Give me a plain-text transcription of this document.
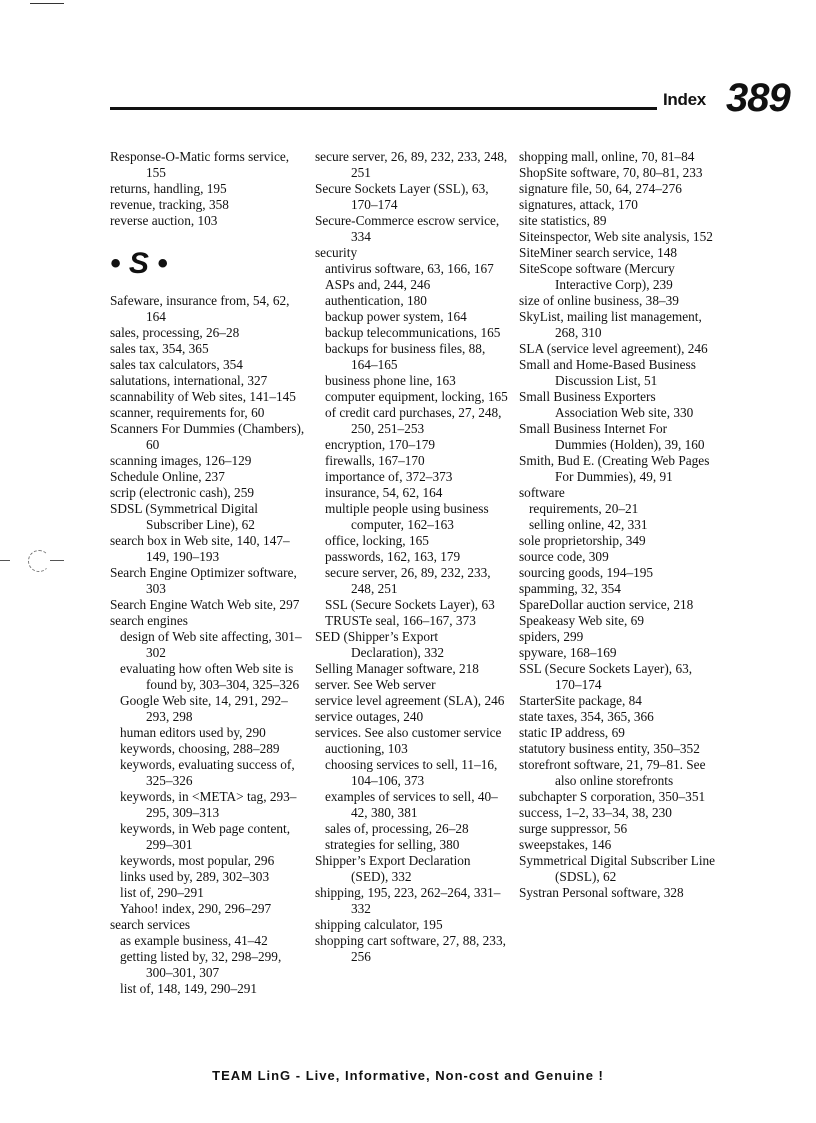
Index 389

Response-O-Matic forms service, 155

returns, handling, 195

revenue, tracking, 358

reverse auction, 103

• S •

Safeware, insurance from, 54, 62, 164

sales, processing, 26–28

sales tax, 354, 365

sales tax calculators, 354

salutations, international, 327

scannability of Web sites, 141–145

scanner, requirements for, 60

Scanners For Dummies (Chambers), 60

scanning images, 126–129

Schedule Online, 237

scrip (electronic cash), 259

SDSL (Symmetrical Digital Subscriber Line), 62

search box in Web site, 140, 147–149, 190–193

Search Engine Optimizer software, 303

Search Engine Watch Web site, 297

search engines

design of Web site affecting, 301–302

evaluating how often Web site is found by, 303–304, 325–326

Google Web site, 14, 291, 292–293, 298

human editors used by, 290

keywords, choosing, 288–289

keywords, evaluating success of, 325–326

keywords, in <META> tag, 293–295, 309–313

keywords, in Web page content, 299–301

keywords, most popular, 296

links used by, 289, 302–303

list of, 290–291

Yahoo! index, 290, 296–297

search services

as example business, 41–42

getting listed by, 32, 298–299, 300–301, 307

list of, 148, 149, 290–291

secure server, 26, 89, 232, 233, 248, 251

Secure Sockets Layer (SSL), 63, 170–174

Secure-Commerce escrow service, 334

security

antivirus software, 63, 166, 167

ASPs and, 244, 246

authentication, 180

backup power system, 164

backup telecommunications, 165

backups for business files, 88, 164–165

business phone line, 163

computer equipment, locking, 165

of credit card purchases, 27, 248, 250, 251–253

encryption, 170–179

firewalls, 167–170

importance of, 372–373

insurance, 54, 62, 164

multiple people using business computer, 162–163

office, locking, 165

passwords, 162, 163, 179

secure server, 26, 89, 232, 233, 248, 251

SSL (Secure Sockets Layer), 63

TRUSTe seal, 166–167, 373

SED (Shipper’s Export Declaration), 332

Selling Manager software, 218

server. See Web server

service level agreement (SLA), 246

service outages, 240

services. See also customer service

auctioning, 103

choosing services to sell, 11–16, 104–106, 373

examples of services to sell, 40–42, 380, 381

sales of, processing, 26–28

strategies for selling, 380

Shipper’s Export Declaration (SED), 332

shipping, 195, 223, 262–264, 331–332

shipping calculator, 195

shopping cart software, 27, 88, 233, 256

shopping mall, online, 70, 81–84

ShopSite software, 70, 80–81, 233

signature file, 50, 64, 274–276

signatures, attack, 170

site statistics, 89

Siteinspector, Web site analysis, 152

SiteMiner search service, 148

SiteScope software (Mercury Interactive Corp), 239

size of online business, 38–39

SkyList, mailing list management, 268, 310

SLA (service level agreement), 246

Small and Home-Based Business Discussion List, 51

Small Business Exporters Association Web site, 330

Small Business Internet For Dummies (Holden), 39, 160

Smith, Bud E. (Creating Web Pages For Dummies), 49, 91

software

requirements, 20–21

selling online, 42, 331

sole proprietorship, 349

source code, 309

sourcing goods, 194–195

spamming, 32, 354

SpareDollar auction service, 218

Speakeasy Web site, 69

spiders, 299

spyware, 168–169

SSL (Secure Sockets Layer), 63, 170–174

StarterSite package, 84

state taxes, 354, 365, 366

static IP address, 69

statutory business entity, 350–352

storefront software, 21, 79–81. See also online storefronts

subchapter S corporation, 350–351

success, 1–2, 33–34, 38, 230

surge suppressor, 56

sweepstakes, 146

Symmetrical Digital Subscriber Line (SDSL), 62

Systran Personal software, 328

TEAM LinG - Live, Informative, Non-cost and Genuine !
